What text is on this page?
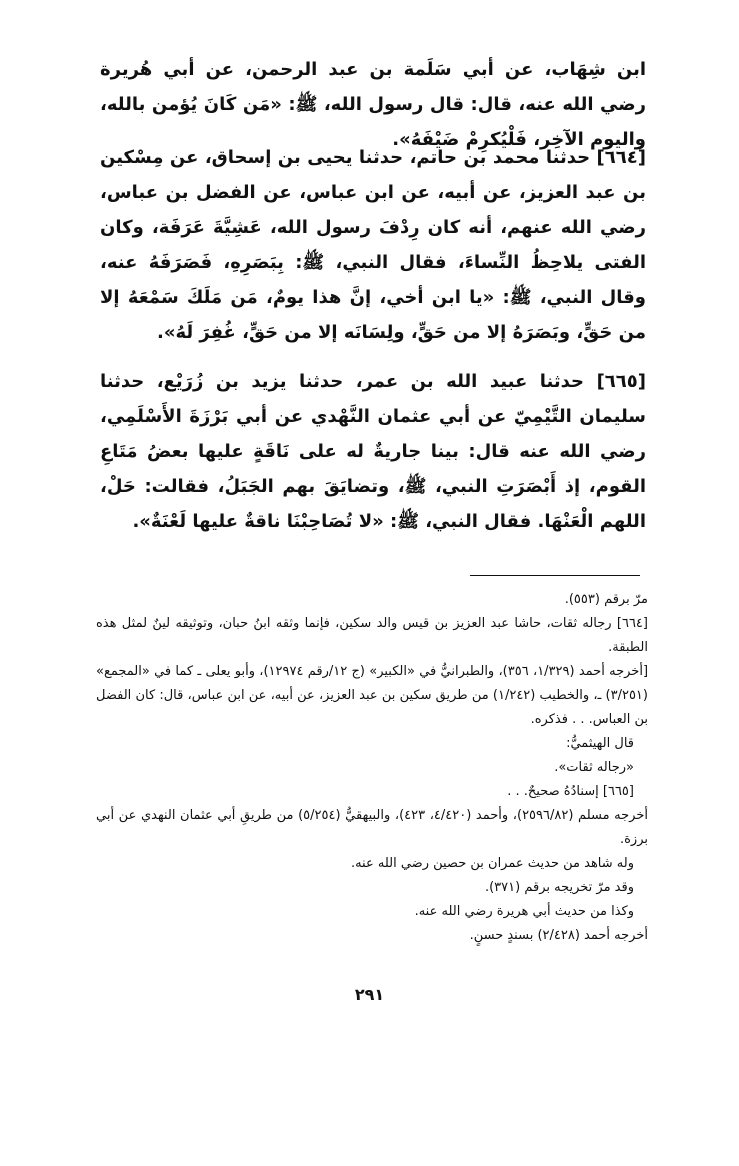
ابن شِهَاب، عن أبي سَلَمة بن عبد الرحمن، عن أبي هُريرة رضي الله عنه، قال: قال رسول الله، ﷺ: «مَن كَانَ يُؤمن بالله، واليوم الآخِر، فَلْيُكرِمْ ضَيْفَهُ».

[٦٦٤] حدثنا محمد بن حاتم، حدثنا يحيى بن إسحاق، عن مِسْكين بن عبد العزيز، عن أبيه، عن ابن عباس، عن الفضل بن عباس، رضي الله عنهم، أنه كان رِدْفَ رسول الله، عَشِيَّةَ عَرَفَة، وكان الفتى يلاحِظُ النِّساءَ، فقال النبي، ﷺ: بِبَصَرِهِ، فَصَرَفَهُ عنه، وقال النبي، ﷺ: «يا ابن أخي، إنَّ هذا يومٌ، مَن مَلَكَ سَمْعَهُ إلا من حَقٍّ، وبَصَرَهُ إلا من حَقٍّ، ولِسَانَه إلا من حَقٍّ، غُفِرَ لَهُ».

[٦٦٥] حدثنا عبيد الله بن عمر، حدثنا يزيد بن زُرَيْع، حدثنا سليمان التَّيْمِيّ عن أبي عثمان النَّهْدي عن أبي بَرْزَةَ الأَسْلَمِي، رضي الله عنه قال: بينا جاريةٌ له على نَاقَةٍ عليها بعضُ مَتَاعِ القوم، إذ أَبْصَرَتِ النبي، ﷺ، وتضايَقَ بهم الجَبَلُ، فقالت: حَلْ، اللهم الْعَنْهَا. فقال النبي، ﷺ: «لا تُصَاحِبْنَا ناقةٌ عليها لَعْنَةٌ».

مرّ برقم (٥٥٣).

[٦٦٤] رجاله ثقات، حاشا عبد العزيز بن قيس والد سكين، فإنما وثقه ابنُ حبان، وتوثيقه لينٌ لمثل هذه الطبقة.

[أخرجه أحمد (١/٣٢٩، ٣٥٦)، والطبرانيُّ في «الكبير» (ج ١٢/رقم ١٢٩٧٤)، وأبو يعلى ـ كما في «المجمع» (٣/٢٥١) ـ، والخطيب (١/٢٤٢) من طريق سكين بن عبد العزيز، عن أبيه، عن ابن عباس، قال: كان الفضل بن العباس. . . فذكره.

قال الهيثميُّ:

«رجاله ثقات».

[٦٦٥] إسنادُهُ صحيحٌ. . .

أخرجه مسلم (٢٥٩٦/٨٢)، وأحمد (٤/٤٢٠، ٤٢٣)، والبيهقيُّ (٥/٢٥٤) من طريقِ أبي عثمان النهدي عن أبي برزة.

وله شاهد من حديث عمران بن حصين رضي الله عنه.

وقد مرّ تخريجه برقم (٣٧١).

وكذا من حديث أبي هريرة رضي الله عنه.

أخرجه أحمد (٢/٤٢٨) بسندٍ حسنٍ.

٢٩١
